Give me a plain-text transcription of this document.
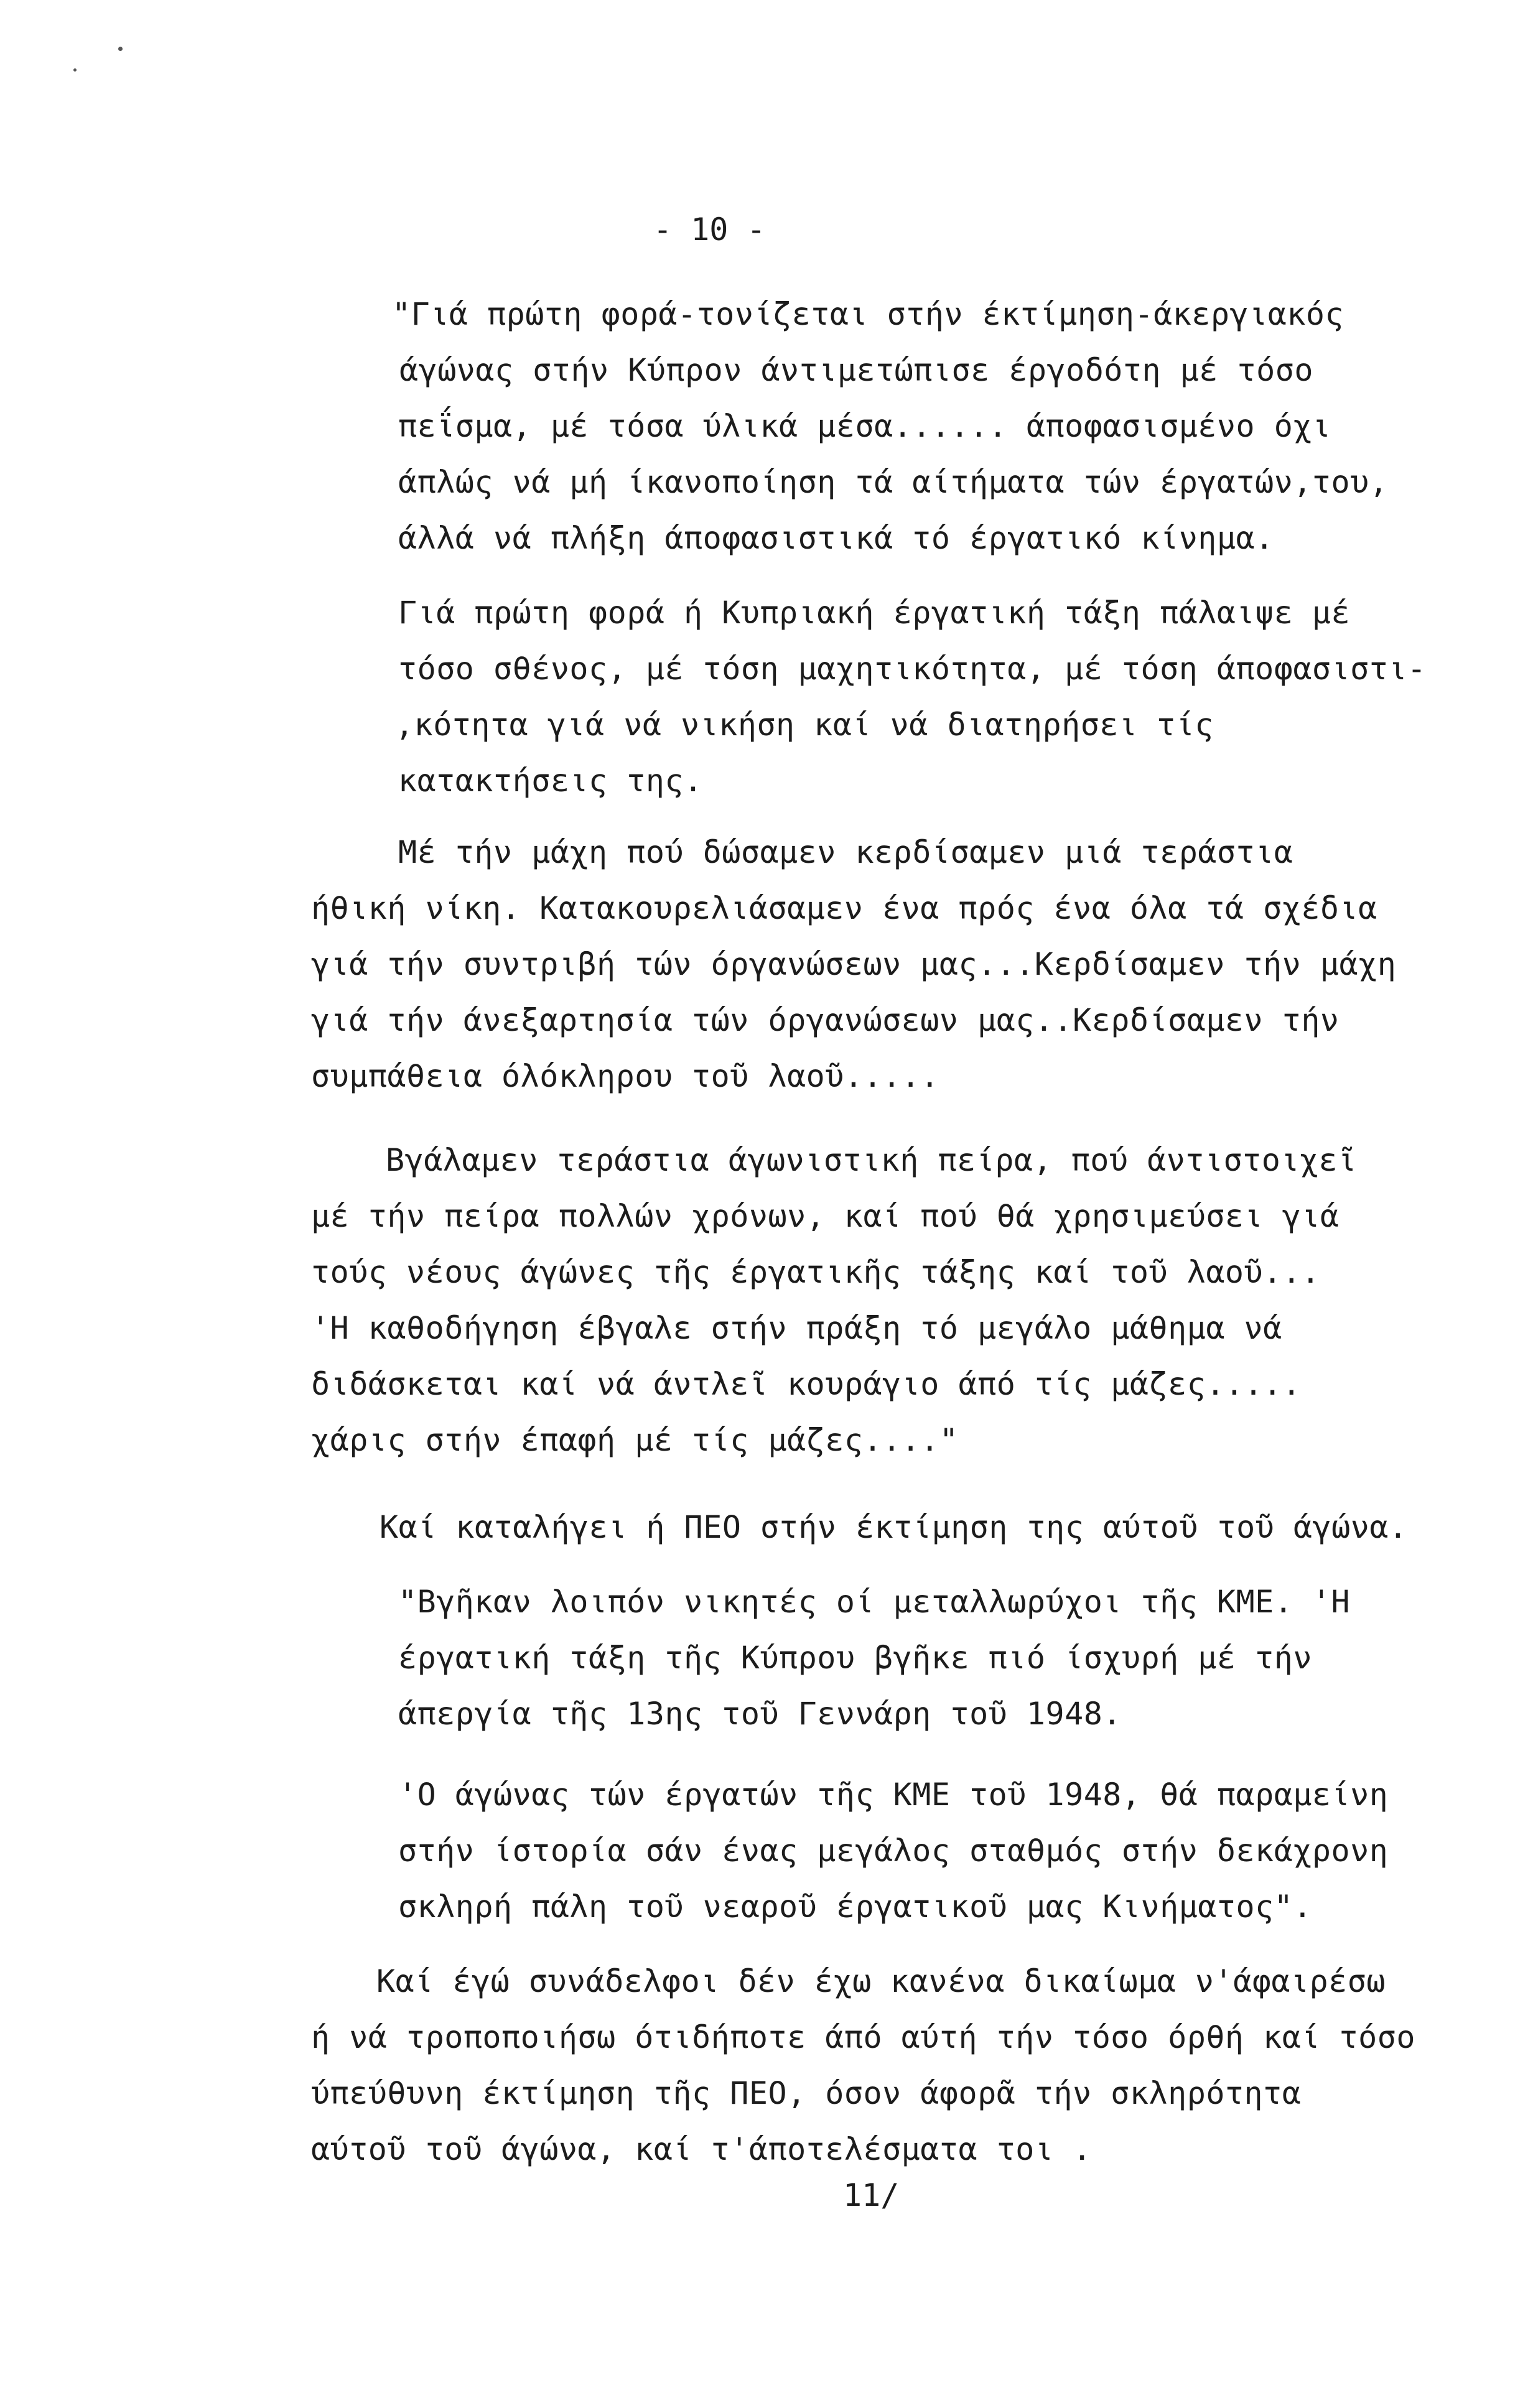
- 10 -
"Γιά πρώτη φορά-τονίζεται στήν έκτίμηση-άκεργιακός
άγώνας στήν Κύπρον άντιμετώπισε έργοδότη μέ τόσο
πεΐσμα, μέ τόσα ύλικά μέσα...... άποφασισμένο όχι
άπλώς νά μή ίκανοποίηση τά αίτήματα τών έργατών,του,
άλλά νά πλήξη άποφασιστικά τό έργατικό κίνημα.
Γιά πρώτη φορά ή Κυπριακή έργατική τάξη πάλαιψε μέ
τόσο σθένος, μέ τόση μαχητικότητα, μέ τόση άποφασιστι-
,κότητα γιά νά νικήση καί νά διατηρήσει τίς
κατακτήσεις της.
Μέ τήν μάχη πού δώσαμεν κερδίσαμεν μιά τεράστια
ήθική νίκη. Κατακουρελιάσαμεν ένα πρός ένα όλα τά σχέδια
γιά τήν συντριβή τών όργανώσεων μας...Κερδίσαμεν τήν μάχη
γιά τήν άνεξαρτησία τών όργανώσεων μας..Κερδίσαμεν τήν
συμπάθεια όλόκληρου τοῦ λαοῦ.....
Βγάλαμεν τεράστια άγωνιστική πείρα, πού άντιστοιχεῖ
μέ τήν πείρα πολλών χρόνων, καί πού θά χρησιμεύσει γιά
τούς νέους άγώνες τῆς έργατικῆς τάξης καί τοῦ λαοῦ...
'Η καθοδήγηση έβγαλε στήν πράξη τό μεγάλο μάθημα νά
διδάσκεται καί νά άντλεῖ κουράγιο άπό τίς μάζες.....
χάρις στήν έπαφή μέ τίς μάζες...."
Καί καταλήγει ή ΠΕΟ στήν έκτίμηση της αύτοῦ τοῦ άγώνα.
"Βγῆκαν λοιπόν νικητές οί μεταλλωρύχοι τῆς ΚΜΕ. 'Η
έργατική τάξη τῆς Κύπρου βγῆκε πιό ίσχυρή μέ τήν
άπεργία τῆς 13ης τοῦ Γεννάρη τοῦ 1948.
'Ο άγώνας τών έργατών τῆς ΚΜΕ τοῦ 1948, θά παραμείνη
στήν ίστορία σάν ένας μεγάλος σταθμός στήν δεκάχρονη
σκληρή πάλη τοῦ νεαροῦ έργατικοῦ μας Κινήματος".
Καί έγώ συνάδελφοι δέν έχω κανένα δικαίωμα ν'άφαιρέσω
ή νά τροποποιήσω ότιδήποτε άπό αύτή τήν τόσο όρθή καί τόσο
ύπεύθυνη έκτίμηση τῆς ΠΕΟ, όσον άφορᾶ τήν σκληρότητα
αύτοῦ τοῦ άγώνα, καί τ'άποτελέσματα τοι .
11/
